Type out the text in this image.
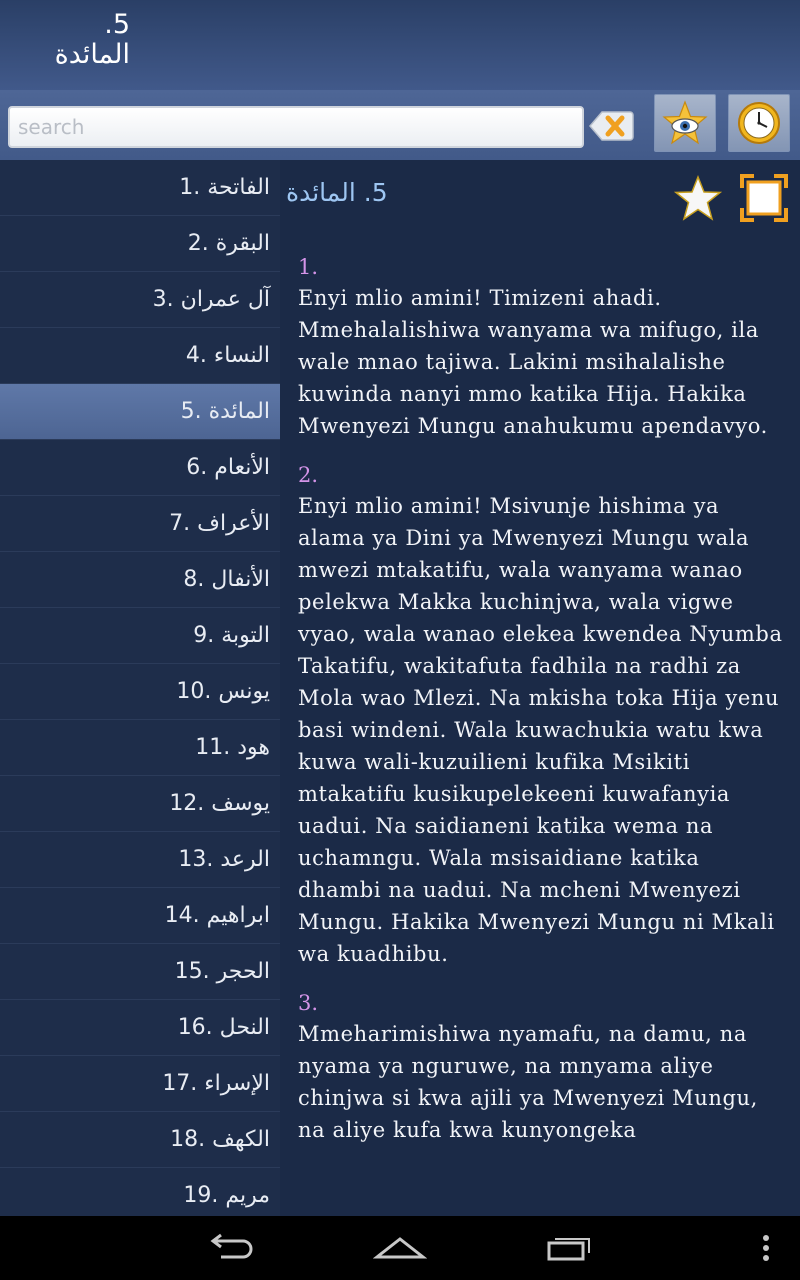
5.
المائدة
search
1. الفاتحة
2. البقرة
3. آل عمران
4. النساء
5. المائدة
6. الأنعام
7. الأعراف
8. الأنفال
9. التوبة
10. يونس
11. هود
12. يوسف
13. الرعد
14. ابراهيم
15. الحجر
16. النحل
17. الإسراء
18. الكهف
19. مريم
5. المائدة
1.
Enyi mlio amini! Timizeni ahadi. Mmehalalishiwa wanyama wa mifugo, ila wale mnao tajiwa. Lakini msihalalishe kuwinda nanyi mmo katika Hija. Hakika Mwenyezi Mungu anahukumu apendavyo.
2.
Enyi mlio amini! Msivunje hishima ya alama ya Dini ya Mwenyezi Mungu wala mwezi mtakatifu, wala wanyama wanao pelekwa Makka kuchinjwa, wala vigwe vyao, wala wanao elekea kwendea Nyumba Takatifu, wakitafuta fadhila na radhi za Mola wao Mlezi. Na mkisha toka Hija yenu basi windeni. Wala kuwachukia watu kwa kuwa wali-kuzuilieni kufika Msikiti mtakatifu kusikupelekeeni kuwafanyia uadui. Na saidianeni katika wema na uchamngu. Wala msisaidiane katika dhambi na uadui. Na mcheni Mwenyezi Mungu. Hakika Mwenyezi Mungu ni Mkali wa kuadhibu.
3.
Mmeharimishiwa nyamafu, na damu, na nyama ya nguruwe, na mnyama aliye chinjwa si kwa ajili ya Mwenyezi Mungu, na aliye kufa kwa kunyongeka
